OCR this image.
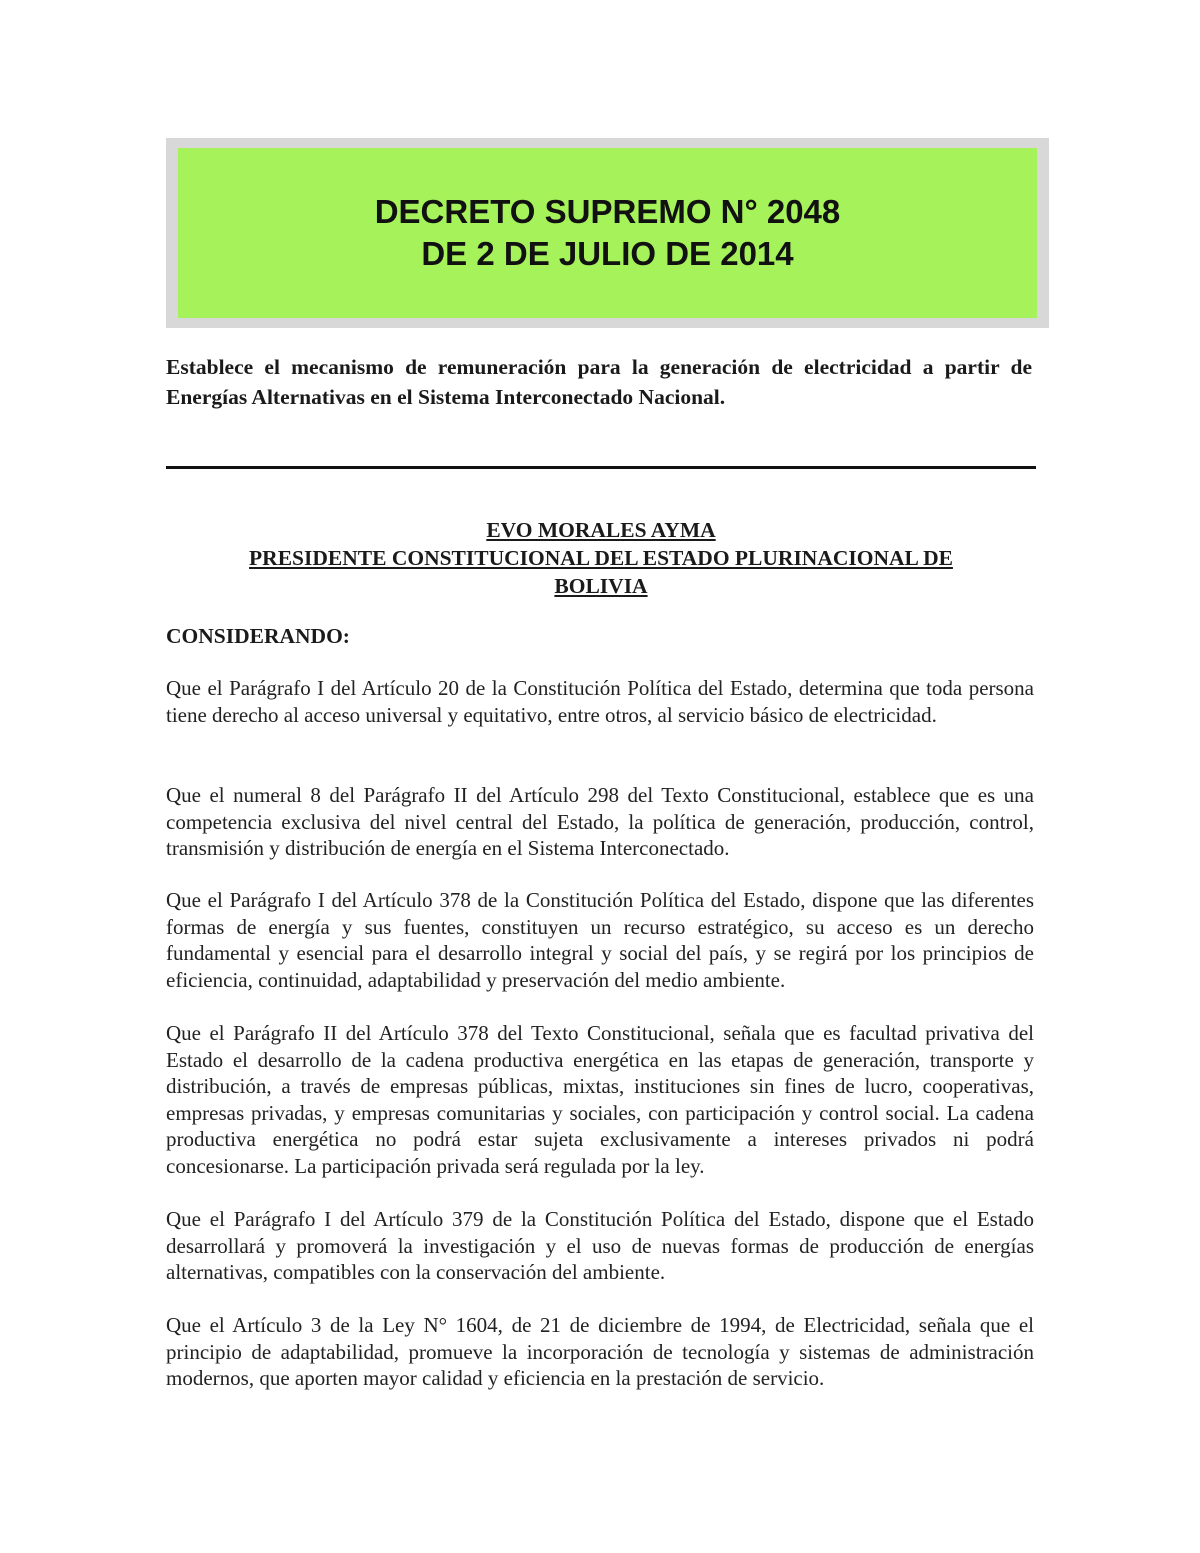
DECRETO SUPREMO N° 2048
DE 2 DE JULIO DE 2014
Establece el mecanismo de remuneración para la generación de electricidad a partir de Energías Alternativas en el Sistema Interconectado Nacional.
EVO MORALES AYMA
PRESIDENTE CONSTITUCIONAL DEL ESTADO PLURINACIONAL DE
BOLIVIA
CONSIDERANDO:
Que el Parágrafo I del Artículo 20 de la Constitución Política del Estado, determina que toda persona tiene derecho al acceso universal y equitativo, entre otros, al servicio básico de electricidad.
Que el numeral 8 del Parágrafo II del Artículo 298 del Texto Constitucional, establece que es una competencia exclusiva del nivel central del Estado, la política de generación, producción, control, transmisión y distribución de energía en el Sistema Interconectado.
Que el Parágrafo I del Artículo 378 de la Constitución Política del Estado, dispone que las diferentes formas de energía y sus fuentes, constituyen un recurso estratégico, su acceso es un derecho fundamental y esencial para el desarrollo integral y social del país, y se regirá por los principios de eficiencia, continuidad, adaptabilidad y preservación del medio ambiente.
Que el Parágrafo II del Artículo 378 del Texto Constitucional, señala que es facultad privativa del Estado el desarrollo de la cadena productiva energética en las etapas de generación, transporte y distribución, a través de empresas públicas, mixtas, instituciones sin fines de lucro, cooperativas, empresas privadas, y empresas comunitarias y sociales, con participación y control social. La cadena productiva energética no podrá estar sujeta exclusivamente a intereses privados ni podrá concesionarse. La participación privada será regulada por la ley.
Que el Parágrafo I del Artículo 379 de la Constitución Política del Estado, dispone que el Estado desarrollará y promoverá la investigación y el uso de nuevas formas de producción de energías alternativas, compatibles con la conservación del ambiente.
Que el Artículo 3 de la Ley N° 1604, de 21 de diciembre de 1994, de Electricidad, señala que el principio de adaptabilidad, promueve la incorporación de tecnología y sistemas de administración modernos, que aporten mayor calidad y eficiencia en la prestación de servicio.
